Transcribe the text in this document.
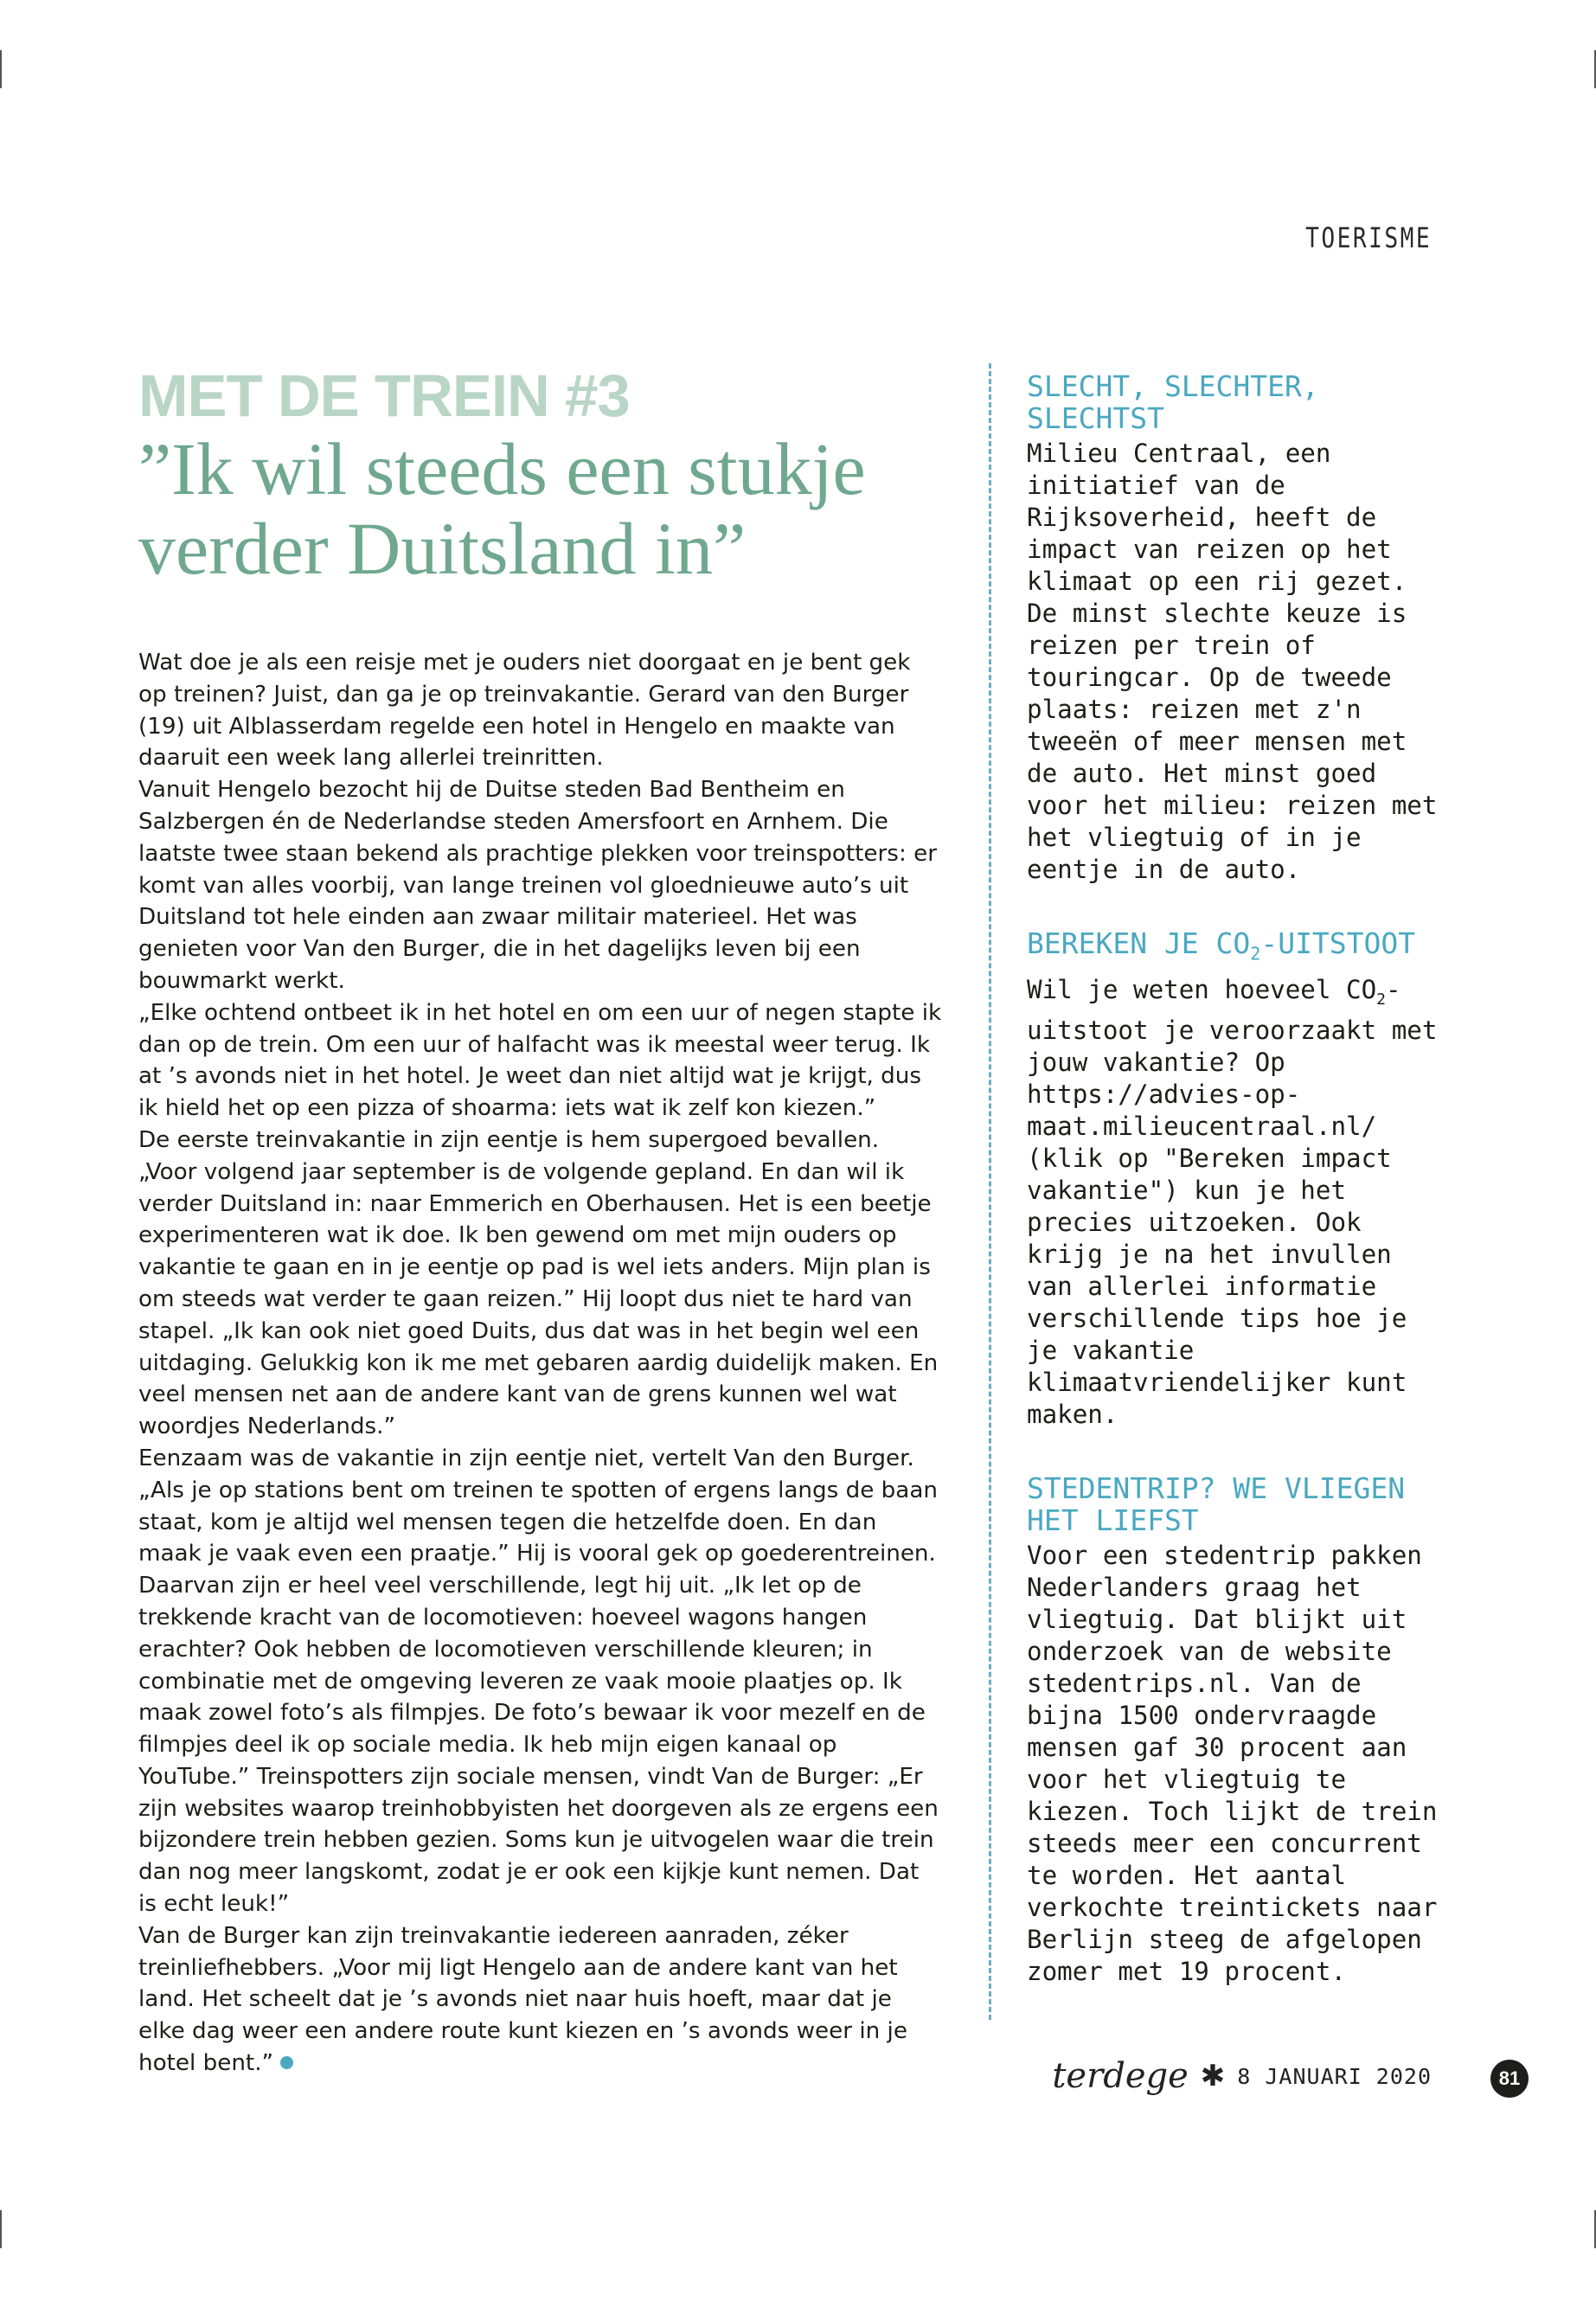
TOERISME
MET DE TREIN #3
”Ik wil steeds een stukje verder Duitsland in”

Wat doe je als een reisje met je ouders niet doorgaat en je bent gek op treinen? Juist, dan ga je op treinvakantie. Gerard van den Burger (19) uit Alblasserdam regelde een hotel in Hengelo en maakte van daaruit een week lang allerlei treinritten.

Vanuit Hengelo bezocht hij de Duitse steden Bad Bentheim en Salzbergen én de Nederlandse steden Amersfoort en Arnhem. Die laatste twee staan bekend als prachtige plekken voor treinspotters: er komt van alles voorbij, van lange treinen vol gloednieuwe auto’s uit Duitsland tot hele einden aan zwaar militair materieel. Het was genieten voor Van den Burger, die in het dagelijks leven bij een bouwmarkt werkt.

„Elke ochtend ontbeet ik in het hotel en om een uur of negen stapte ik dan op de trein. Om een uur of halfacht was ik meestal weer terug. Ik at ’s avonds niet in het hotel. Je weet dan niet altijd wat je krijgt, dus ik hield het op een pizza of shoarma: iets wat ik zelf kon kiezen.”

De eerste treinvakantie in zijn eentje is hem supergoed bevallen. „Voor volgend jaar september is de volgende gepland. En dan wil ik verder Duitsland in: naar Emmerich en Oberhausen. Het is een beetje experimenteren wat ik doe. Ik ben gewend om met mijn ouders op vakantie te gaan en in je eentje op pad is wel iets anders. Mijn plan is om steeds wat verder te gaan reizen.” Hij loopt dus niet te hard van stapel. „Ik kan ook niet goed Duits, dus dat was in het begin wel een uitdaging. Gelukkig kon ik me met gebaren aardig duidelijk maken. En veel mensen net aan de andere kant van de grens kunnen wel wat woordjes Nederlands.”

Eenzaam was de vakantie in zijn eentje niet, vertelt Van den Burger. „Als je op stations bent om treinen te spotten of ergens langs de baan staat, kom je altijd wel mensen tegen die hetzelfde doen. En dan maak je vaak even een praatje.” Hij is vooral gek op goederentreinen. Daarvan zijn er heel veel verschillende, legt hij uit. „Ik let op de trekkende kracht van de locomotieven: hoeveel wagons hangen erachter? Ook hebben de locomotieven verschillende kleuren; in combinatie met de omgeving leveren ze vaak mooie plaatjes op. Ik maak zowel foto’s als filmpjes. De foto’s bewaar ik voor mezelf en de filmpjes deel ik op sociale media. Ik heb mijn eigen kanaal op YouTube.” Treinspotters zijn sociale mensen, vindt Van de Burger: „Er zijn websites waarop treinhobbyisten het doorgeven als ze ergens een bijzondere trein hebben gezien. Soms kun je uitvogelen waar die trein dan nog meer langskomt, zodat je er ook een kijkje kunt nemen. Dat is echt leuk!”

Van de Burger kan zijn treinvakantie iedereen aanraden, zéker treinliefhebbers. „Voor mij ligt Hengelo aan de andere kant van het land. Het scheelt dat je ’s avonds niet naar huis hoeft, maar dat je elke dag weer een andere route kunt kiezen en ’s avonds weer in je hotel bent.”

SLECHT, SLECHTER, SLECHTST

Milieu Centraal, een initiatief van de Rijksoverheid, heeft de impact van reizen op het klimaat op een rij gezet. De minst slechte keuze is reizen per trein of touringcar. Op de tweede plaats: reizen met z'n tweeën of meer mensen met de auto. Het minst goed voor het milieu: reizen met het vliegtuig of in je eentje in de auto.

BEREKEN JE $CO_2$-UITSTOOT

Wil je weten hoeveel $CO_2$-uitstoot je veroorzaakt met jouw vakantie? Op https://advies-op-maat.milieucentraal.nl/ (klik op "Bereken impact vakantie") kun je het precies uitzoeken. Ook krijg je na het invullen van allerlei informatie verschillende tips hoe je je vakantie klimaatvriendelijker kunt maken.

STEDENTRIP? WE VLIEGEN HET LIEFST

Voor een stedentrip pakken Nederlanders graag het vliegtuig. Dat blijkt uit onderzoek van de website stedentrips.nl. Van de bijna 1500 ondervraagde mensen gaf 30 procent aan voor het vliegtuig te kiezen. Toch lijkt de trein steeds meer een concurrent te worden. Het aantal verkochte treintickets naar Berlijn steeg de afgelopen zomer met 19 procent.

terdege ✱ 8 JANUARI 2020	81
